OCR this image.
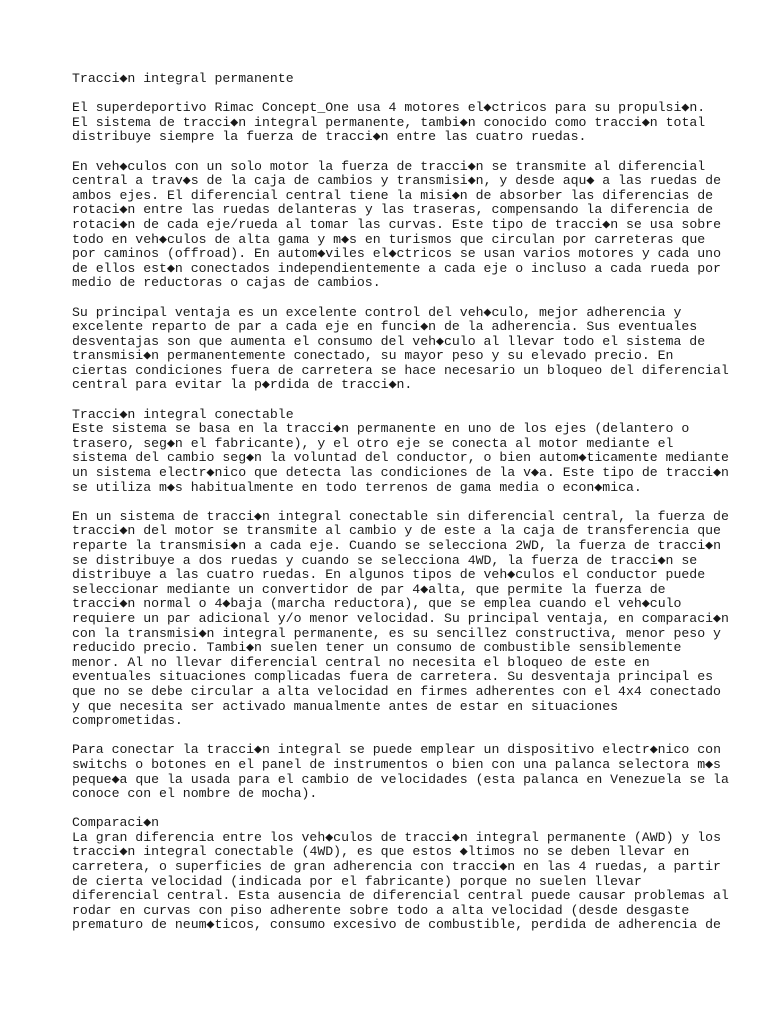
Tracci◆n integral permanente
El superdeportivo Rimac Concept_One usa 4 motores el◆ctricos para su propulsi◆n.
El sistema de tracci◆n integral permanente, tambi◆n conocido como tracci◆n total
distribuye siempre la fuerza de tracci◆n entre las cuatro ruedas.
En veh◆culos con un solo motor la fuerza de tracci◆n se transmite al diferencial
central a trav◆s de la caja de cambios y transmisi◆n, y desde aqu◆ a las ruedas de
ambos ejes. El diferencial central tiene la misi◆n de absorber las diferencias de
rotaci◆n entre las ruedas delanteras y las traseras, compensando la diferencia de
rotaci◆n de cada eje/rueda al tomar las curvas. Este tipo de tracci◆n se usa sobre
todo en veh◆culos de alta gama y m◆s en turismos que circulan por carreteras que
por caminos (offroad). En autom◆viles el◆ctricos se usan varios motores y cada uno
de ellos est◆n conectados independientemente a cada eje o incluso a cada rueda por
medio de reductoras o cajas de cambios.
Su principal ventaja es un excelente control del veh◆culo, mejor adherencia y
excelente reparto de par a cada eje en funci◆n de la adherencia. Sus eventuales
desventajas son que aumenta el consumo del veh◆culo al llevar todo el sistema de
transmisi◆n permanentemente conectado, su mayor peso y su elevado precio. En
ciertas condiciones fuera de carretera se hace necesario un bloqueo del diferencial
central para evitar la p◆rdida de tracci◆n.
Tracci◆n integral conectable
Este sistema se basa en la tracci◆n permanente en uno de los ejes (delantero o
trasero, seg◆n el fabricante), y el otro eje se conecta al motor mediante el
sistema del cambio seg◆n la voluntad del conductor, o bien autom◆ticamente mediante
un sistema electr◆nico que detecta las condiciones de la v◆a. Este tipo de tracci◆n
se utiliza m◆s habitualmente en todo terrenos de gama media o econ◆mica.
En un sistema de tracci◆n integral conectable sin diferencial central, la fuerza de
tracci◆n del motor se transmite al cambio y de este a la caja de transferencia que
reparte la transmisi◆n a cada eje. Cuando se selecciona 2WD, la fuerza de tracci◆n
se distribuye a dos ruedas y cuando se selecciona 4WD, la fuerza de tracci◆n se
distribuye a las cuatro ruedas. En algunos tipos de veh◆culos el conductor puede
seleccionar mediante un convertidor de par 4◆alta, que permite la fuerza de
tracci◆n normal o 4◆baja (marcha reductora), que se emplea cuando el veh◆culo
requiere un par adicional y/o menor velocidad. Su principal ventaja, en comparaci◆n
con la transmisi◆n integral permanente, es su sencillez constructiva, menor peso y
reducido precio. Tambi◆n suelen tener un consumo de combustible sensiblemente
menor. Al no llevar diferencial central no necesita el bloqueo de este en
eventuales situaciones complicadas fuera de carretera. Su desventaja principal es
que no se debe circular a alta velocidad en firmes adherentes con el 4x4 conectado
y que necesita ser activado manualmente antes de estar en situaciones
comprometidas.
Para conectar la tracci◆n integral se puede emplear un dispositivo electr◆nico con
switchs o botones en el panel de instrumentos o bien con una palanca selectora m◆s
peque◆a que la usada para el cambio de velocidades (esta palanca en Venezuela se la
conoce con el nombre de mocha).
Comparaci◆n
La gran diferencia entre los veh◆culos de tracci◆n integral permanente (AWD) y los
tracci◆n integral conectable (4WD), es que estos ◆ltimos no se deben llevar en
carretera, o superficies de gran adherencia con tracci◆n en las 4 ruedas, a partir
de cierta velocidad (indicada por el fabricante) porque no suelen llevar
diferencial central. Esta ausencia de diferencial central puede causar problemas al
rodar en curvas con piso adherente sobre todo a alta velocidad (desde desgaste
prematuro de neum◆ticos, consumo excesivo de combustible, perdida de adherencia de
